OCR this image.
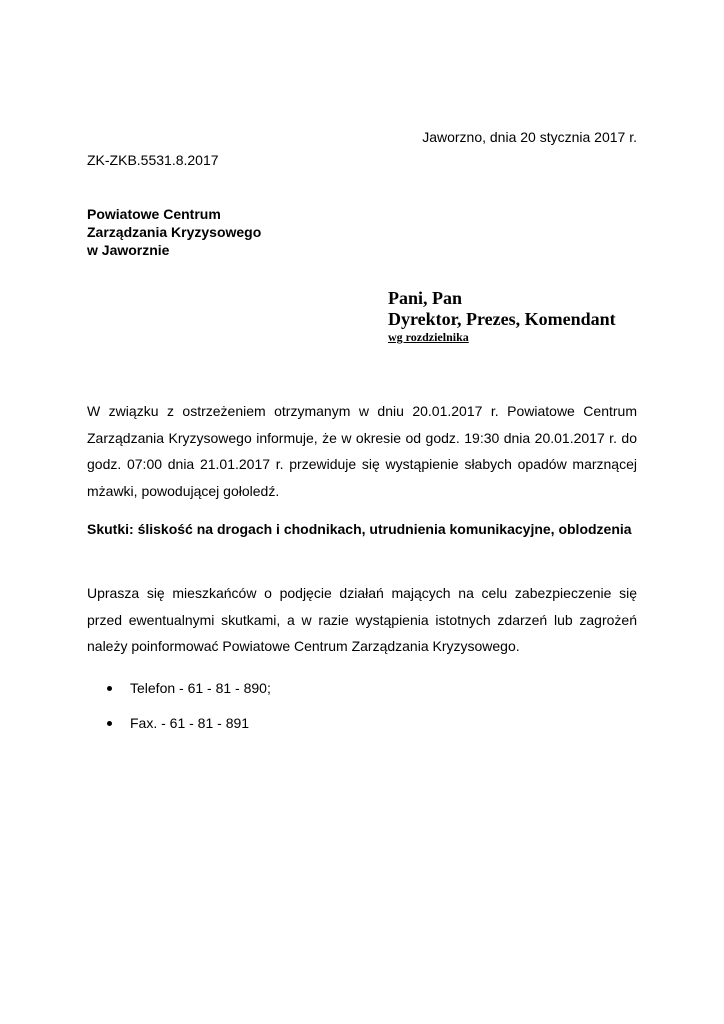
Jaworzno, dnia 20 stycznia 2017 r.
ZK-ZKB.5531.8.2017
Powiatowe Centrum
Zarządzania Kryzysowego
w Jaworznie
Pani, Pan
Dyrektor, Prezes, Komendant
wg rozdzielnika
W związku z ostrzeżeniem otrzymanym w dniu 20.01.2017 r. Powiatowe Centrum Zarządzania Kryzysowego informuje, że w okresie od godz. 19:30 dnia 20.01.2017 r. do godz. 07:00 dnia 21.01.2017 r. przewiduje się wystąpienie słabych opadów marznącej mżawki, powodującej gołoledź.
Skutki: śliskość na drogach i chodnikach, utrudnienia komunikacyjne, oblodzenia
Uprasza się mieszkańców o podjęcie działań mających na celu zabezpieczenie się przed ewentualnymi skutkami, a w razie wystąpienia istotnych zdarzeń lub zagrożeń należy poinformować Powiatowe Centrum Zarządzania Kryzysowego.
Telefon - 61 - 81 - 890;
Fax. - 61 - 81 - 891
